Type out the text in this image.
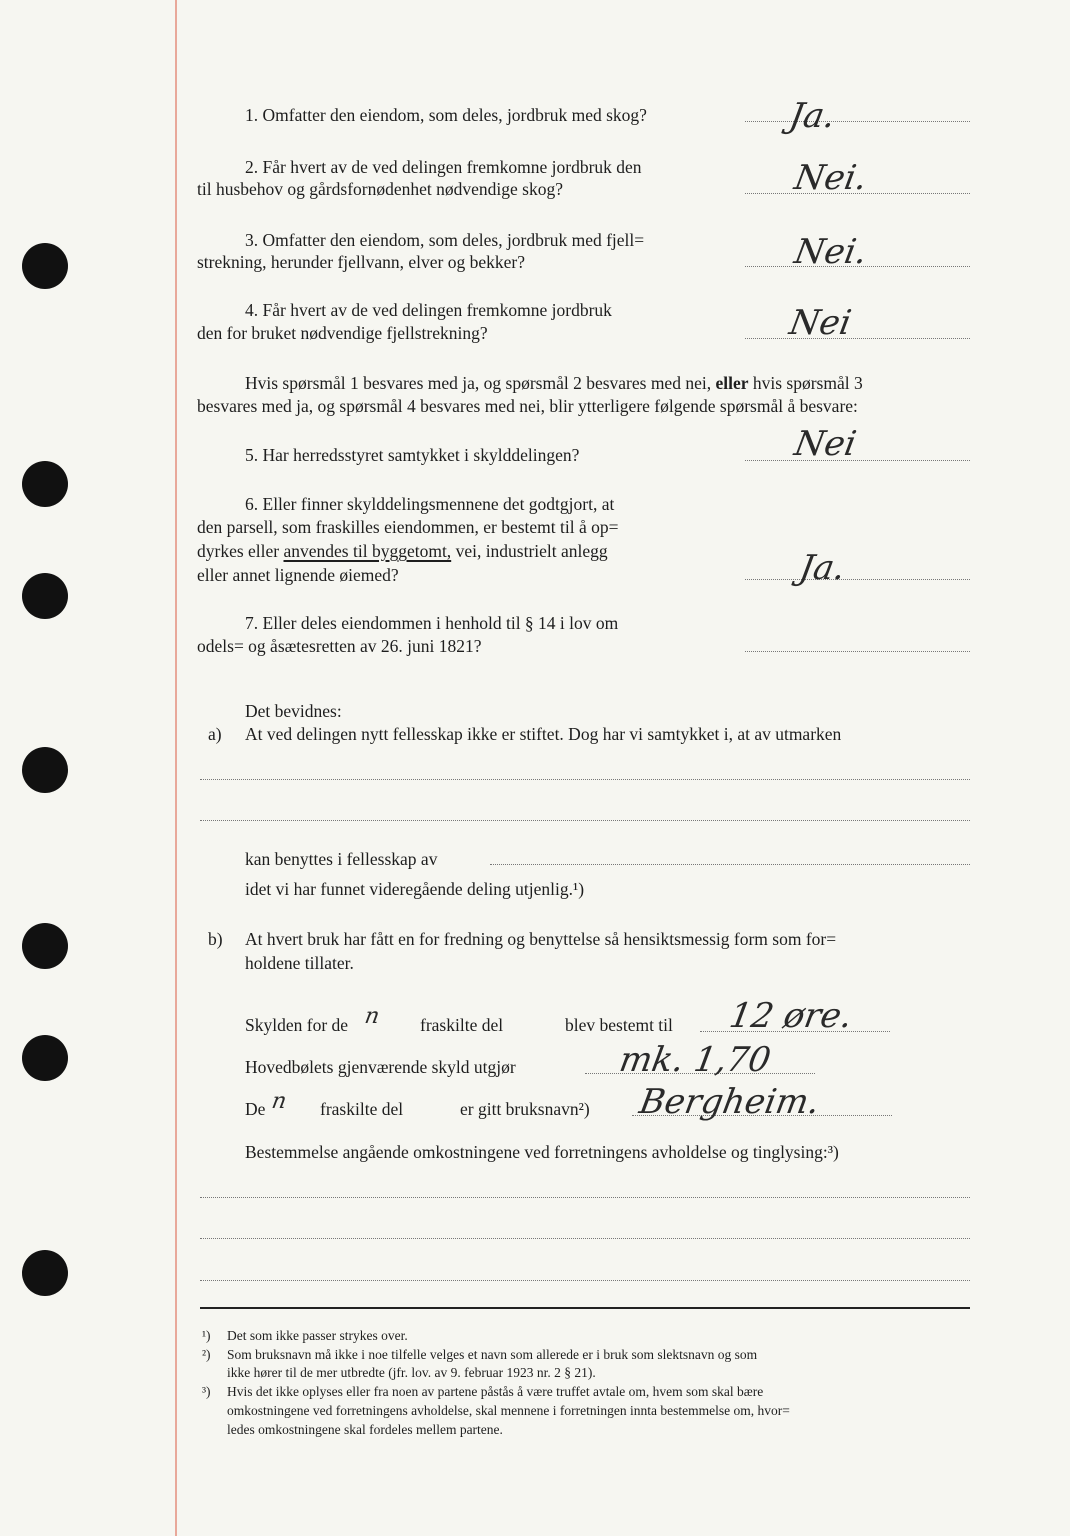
1. Omfatter den eiendom, som deles, jordbruk med skog?	Ja.
2. Får hvert av de ved delingen fremkomne jordbruk den
til husbehov og gårdsfornødenhet nødvendige skog?	Nei.
3. Omfatter den eiendom, som deles, jordbruk med fjell=
strekning, herunder fjellvann, elver og bekker?	Nei.
4. Får hvert av de ved delingen fremkomne jordbruk
den for bruket nødvendige fjellstrekning?	Nei
Hvis spørsmål 1 besvares med ja, og spørsmål 2 besvares med nei, eller hvis spørsmål 3
besvares med ja, og spørsmål 4 besvares med nei, blir ytterligere følgende spørsmål å besvare:
5. Har herredsstyret samtykket i skylddelingen?	Nei
6. Eller finner skylddelingsmennene det godtgjort, at
den parsell, som fraskilles eiendommen, er bestemt til å op=
dyrkes eller anvendes til byggetomt, vei, industrielt anlegg
eller annet lignende øiemed?	Ja.
7. Eller deles eiendommen i henhold til § 14 i lov om
odels= og åsætesretten av 26. juni 1821?
Det bevidnes:
a) At ved delingen nytt fellesskap ikke er stiftet. Dog har vi samtykket i, at av utmarken
kan benyttes i fellesskap av
idet vi har funnet videregående deling utjenlig.¹)
b) At hvert bruk har fått en for fredning og benyttelse så hensiktsmessig form som for=
holdene tillater.
Skylden for de n fraskilte del	blev bestemt til 12 øre.
Hovedbølets gjenværende skyld utgjør	mk. 1,70
De n fraskilte del	er gitt bruksnavn²) Bergheim.
Bestemmelse angående omkostningene ved forretningens avholdelse og tinglysing:³)
¹) Det som ikke passer strykes over.
²) Som bruksnavn må ikke i noe tilfelle velges et navn som allerede er i bruk som slektsnavn og som
ikke hører til de mer utbredte (jfr. lov. av 9. februar 1923 nr. 2 § 21).
³) Hvis det ikke oplyses eller fra noen av partene påstås å være truffet avtale om, hvem som skal bære
omkostningene ved forretningens avholdelse, skal mennene i forretningen innta bestemmelse om, hvor=
ledes omkostningene skal fordeles mellem partene.
